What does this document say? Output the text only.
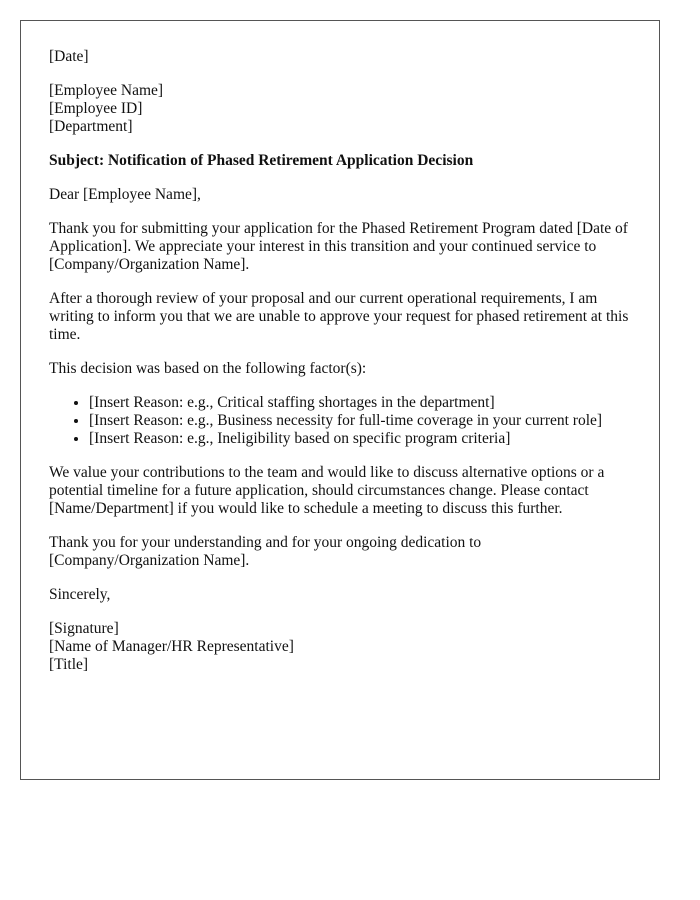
[Date]
[Employee Name]
[Employee ID]
[Department]
Subject: Notification of Phased Retirement Application Decision
Dear [Employee Name],

Thank you for submitting your application for the Phased Retirement Program dated [Date of Application]. We appreciate your interest in this transition and your continued service to [Company/Organization Name].

After a thorough review of your proposal and our current operational requirements, I am writing to inform you that we are unable to approve your request for phased retirement at this time.

This decision was based on the following factor(s):

• [Insert Reason: e.g., Critical staffing shortages in the department]
• [Insert Reason: e.g., Business necessity for full-time coverage in your current role]
• [Insert Reason: e.g., Ineligibility based on specific program criteria]

We value your contributions to the team and would like to discuss alternative options or a potential timeline for a future application, should circumstances change. Please contact [Name/Department] if you would like to schedule a meeting to discuss this further.

Thank you for your understanding and for your ongoing dedication to [Company/Organization Name].

Sincerely,
[Signature]
[Name of Manager/HR Representative]
[Title]
